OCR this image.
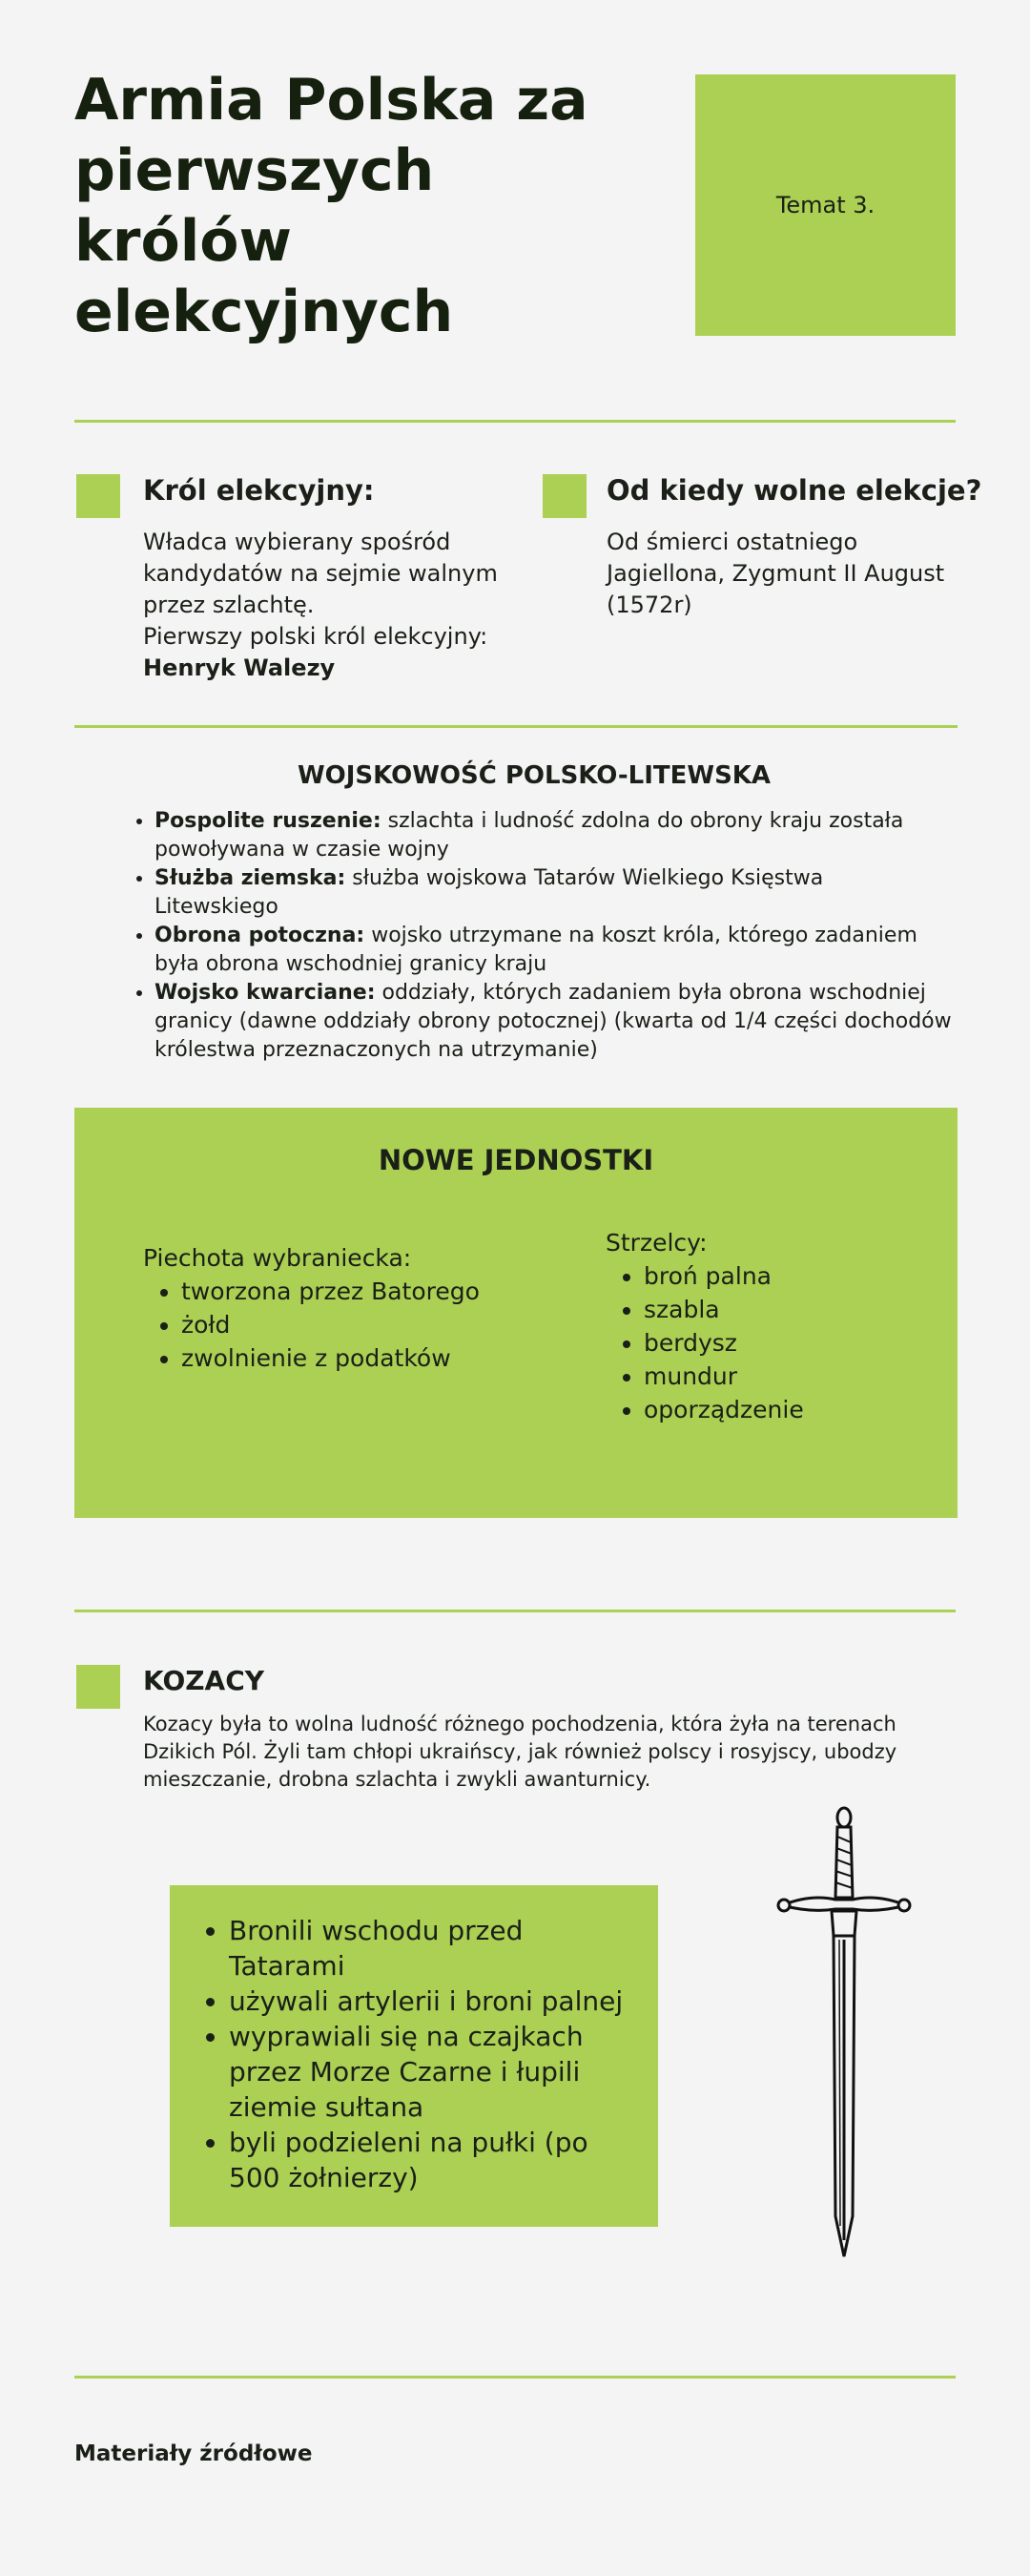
Armia Polska za pierwszych królów elekcyjnych
Temat 3.

Król elekcyjny:

Władca wybierany spośród kandydatów na sejmie walnym przez szlachtę.

Pierwszy polski król elekcyjny:

Henryk Walezy

Od kiedy wolne elekcje?

Od śmierci ostatniego Jagiellona, Zygmunt II August (1572r)

WOJSKOWOŚĆ POLSKO-LITEWSKA
• Pospolite ruszenie: szlachta i ludność zdolna do obrony kraju została powoływana w czasie wojny
• Służba ziemska: służba wojskowa Tatarów Wielkiego Księstwa Litewskiego
• Obrona potoczna: wojsko utrzymane na koszt króla, którego zadaniem była obrona wschodniej granicy kraju
• Wojsko kwarciane: oddziały, których zadaniem była obrona wschodniej granicy (dawne oddziały obrony potocznej) (kwarta od 1/4 części dochodów królestwa przeznaczonych na utrzymanie)
NOWE JEDNOSTKI

Piechota wybraniecka:

• tworzona przez Batorego
• żołd
• zwolnienie z podatków

Strzelcy:

• broń palna
• szabla
• berdysz
• mundur
• oporządzenie

KOZACY

Kozacy była to wolna ludność różnego pochodzenia, która żyła na terenach Dzikich Pól. Żyli tam chłopi ukraińscy, jak również polscy i rosyjscy, ubodzy mieszczanie, drobna szlachta i zwykli awanturnicy.

• Bronili wschodu przed Tatarami
• używali artylerii i broni palnej
• wyprawiali się na czajkach przez Morze Czarne i łupili ziemie sułtana
• byli podzieleni na pułki (po 500 żołnierzy)

Materiały źródłowe
